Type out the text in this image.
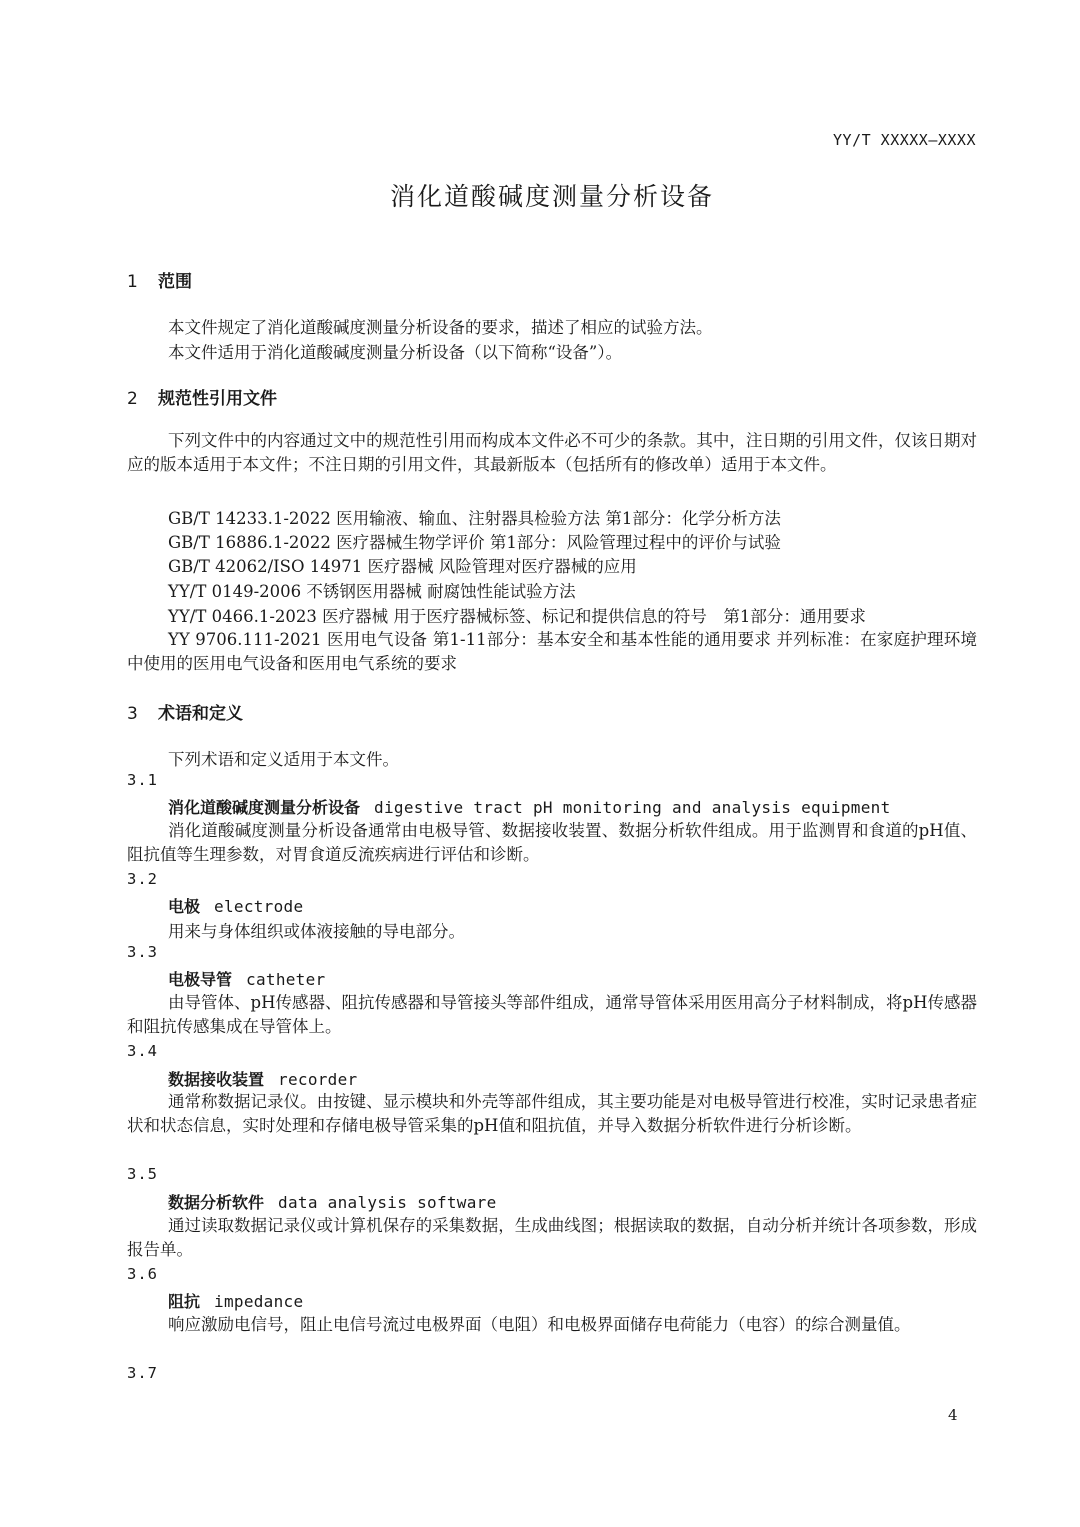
YY/T XXXXX—XXXX
消化道酸碱度测量分析设备
1 范围
本文件规定了消化道酸碱度测量分析设备的要求，描述了相应的试验方法。
本文件适用于消化道酸碱度测量分析设备（以下简称“设备”）。
2 规范性引用文件
下列文件中的内容通过文中的规范性引用而构成本文件必不可少的条款。其中，注日期的引用文件，仅该日期对应的版本适用于本文件；不注日期的引用文件，其最新版本（包括所有的修改单）适用于本文件。
GB/T 14233.1-2022 医用输液、输血、注射器具检验方法 第1部分：化学分析方法
GB/T 16886.1-2022 医疗器械生物学评价 第1部分：风险管理过程中的评价与试验
GB/T 42062/ISO 14971 医疗器械 风险管理对医疗器械的应用
YY/T 0149-2006 不锈钢医用器械 耐腐蚀性能试验方法
YY/T 0466.1-2023 医疗器械 用于医疗器械标签、标记和提供信息的符号　第1部分：通用要求
YY 9706.111-2021 医用电气设备 第1-11部分：基本安全和基本性能的通用要求 并列标准：在家庭护理环境中使用的医用电气设备和医用电气系统的要求
3 术语和定义
下列术语和定义适用于本文件。
3.1
消化道酸碱度测量分析设备 digestive tract pH monitoring and analysis equipment
消化道酸碱度测量分析设备通常由电极导管、数据接收装置、数据分析软件组成。用于监测胃和食道的pH值、阻抗值等生理参数，对胃食道反流疾病进行评估和诊断。
3.2
电极 electrode
用来与身体组织或体液接触的导电部分。
3.3
电极导管 catheter
由导管体、pH传感器、阻抗传感器和导管接头等部件组成，通常导管体采用医用高分子材料制成，将pH传感器和阻抗传感集成在导管体上。
3.4
数据接收装置 recorder
通常称数据记录仪。由按键、显示模块和外壳等部件组成，其主要功能是对电极导管进行校准，实时记录患者症状和状态信息，实时处理和存储电极导管采集的pH值和阻抗值，并导入数据分析软件进行分析诊断。
3.5
数据分析软件 data analysis software
通过读取数据记录仪或计算机保存的采集数据，生成曲线图；根据读取的数据，自动分析并统计各项参数，形成报告单。
3.6
阻抗 impedance
响应激励电信号，阻止电信号流过电极界面（电阻）和电极界面储存电荷能力（电容）的综合测量值。
3.7
4
